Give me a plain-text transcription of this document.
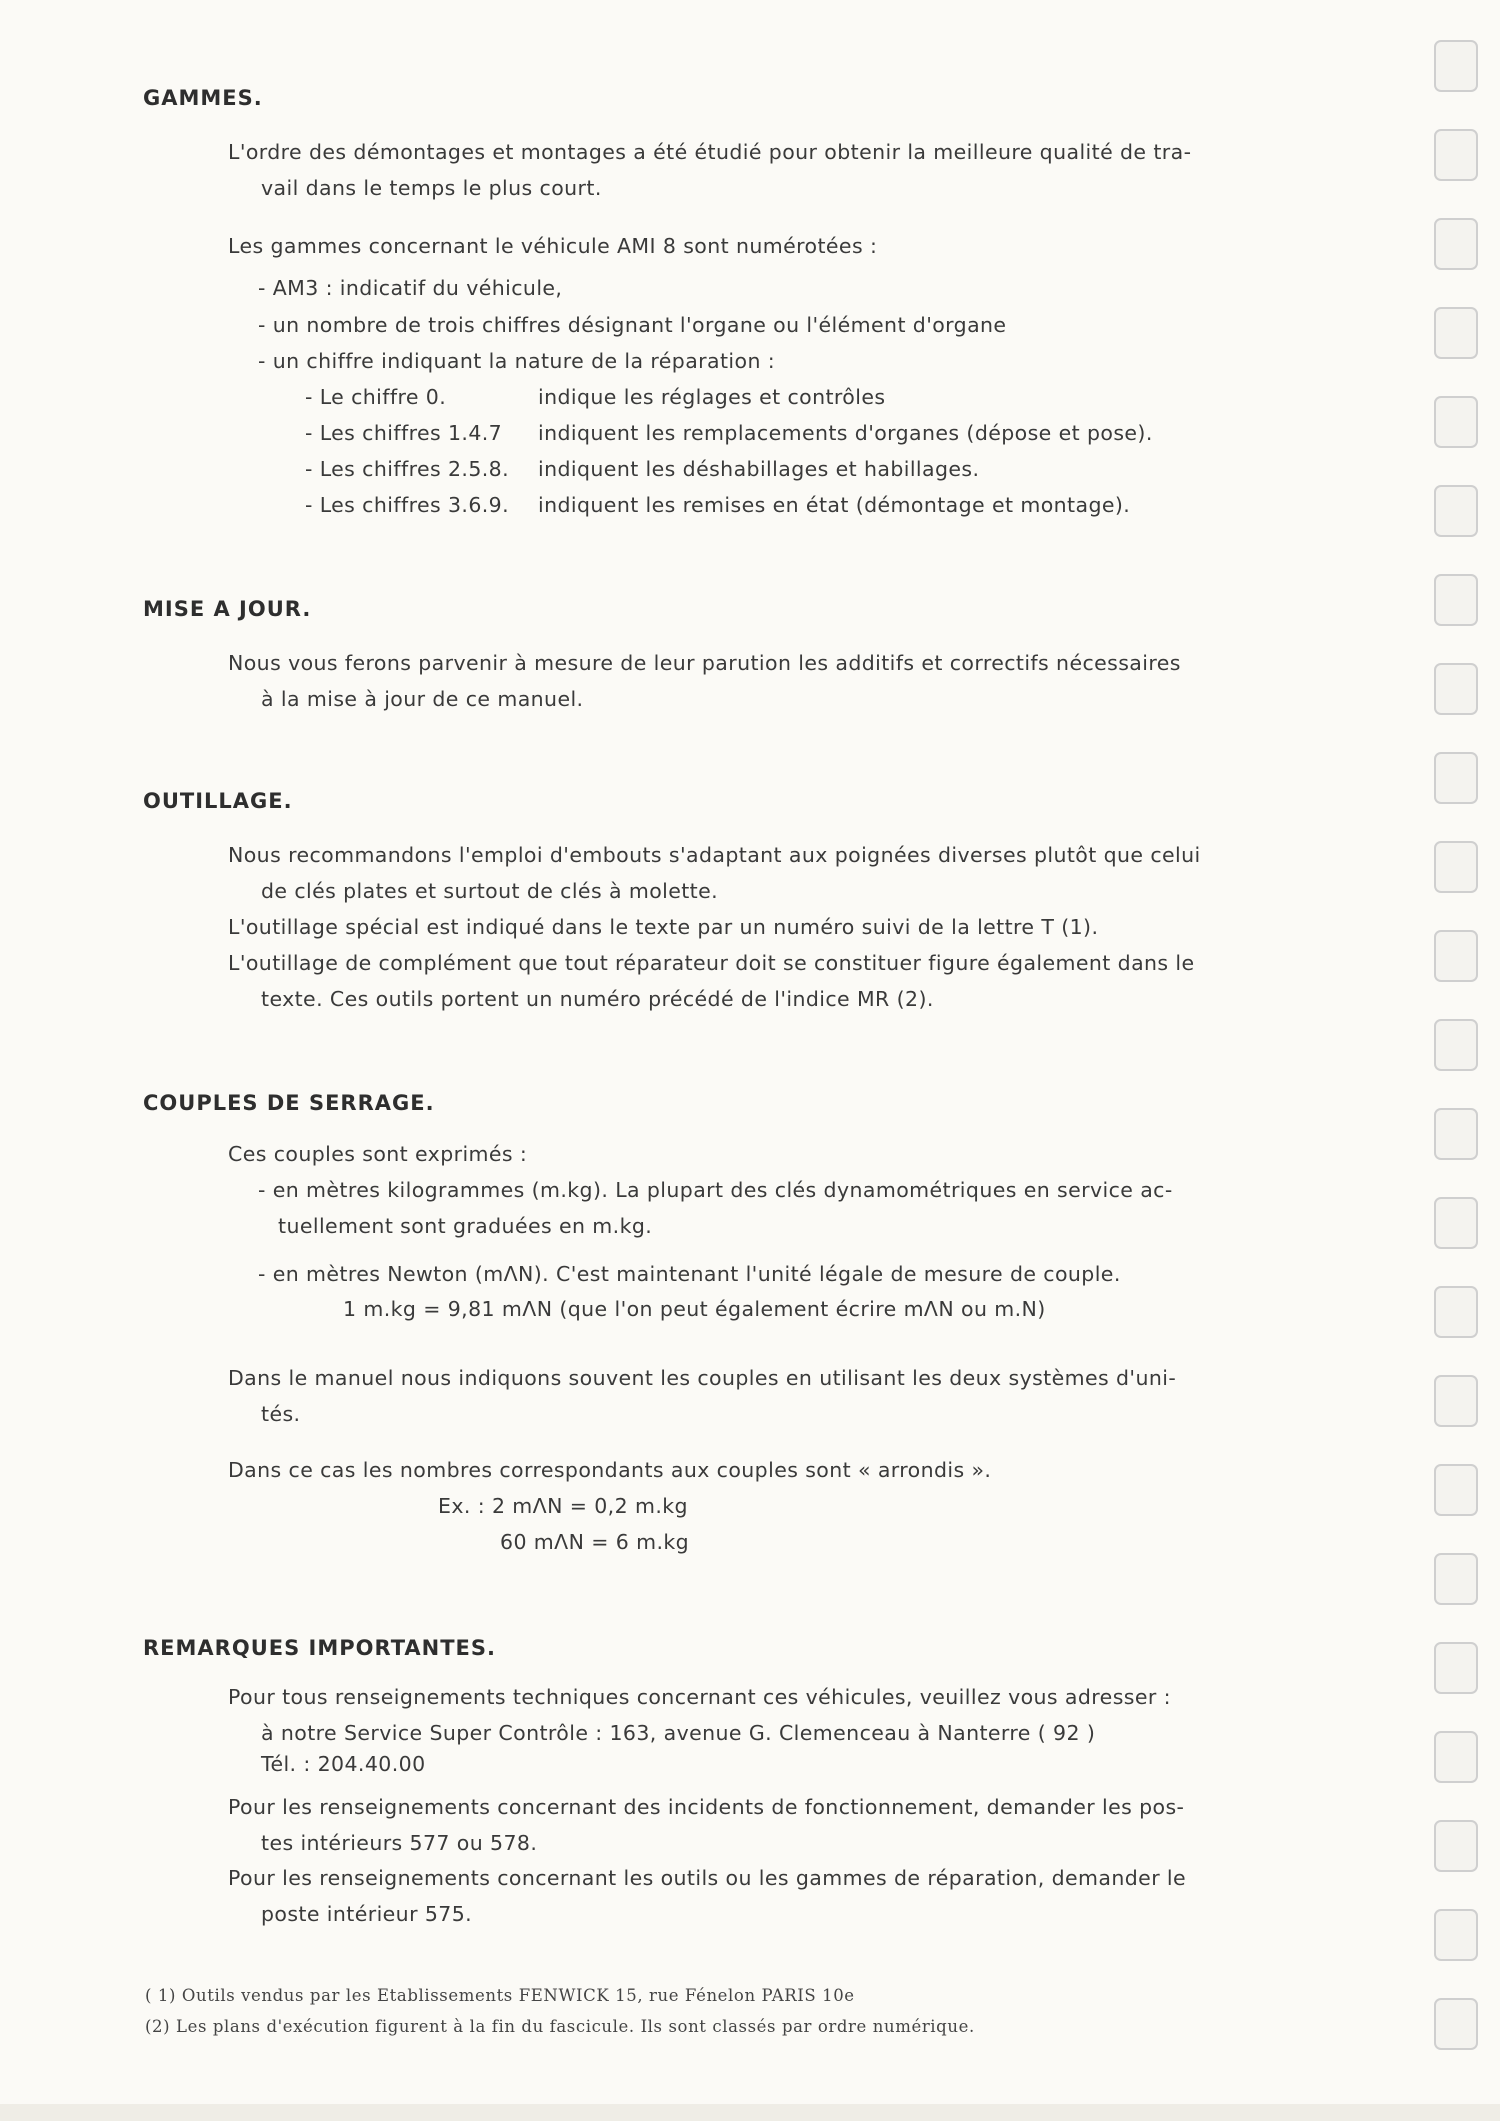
GAMMES.
L'ordre des démontages et montages a été étudié pour obtenir la meilleure qualité de tra-
vail dans le temps le plus court.
Les gammes concernant le véhicule AMI 8 sont numérotées :
- AM3 : indicatif du véhicule,
- un nombre de trois chiffres désignant l'organe ou l'élément d'organe
- un chiffre indiquant la nature de la réparation :
- Le chiffre 0.	indique les réglages et contrôles
- Les chiffres 1.4.7 indiquent les remplacements d'organes (dépose et pose).
- Les chiffres 2.5.8. indiquent les déshabillages et habillages.
- Les chiffres 3.6.9. indiquent les remises en état (démontage et montage).
MISE A JOUR.
Nous vous ferons parvenir à mesure de leur parution les additifs et correctifs nécessaires
à la mise à jour de ce manuel.
OUTILLAGE.
Nous recommandons l'emploi d'embouts s'adaptant aux poignées diverses plutôt que celui
de clés plates et surtout de clés à molette.
L'outillage spécial est indiqué dans le texte par un numéro suivi de la lettre T (1).
L'outillage de complément que tout réparateur doit se constituer figure également dans le
texte. Ces outils portent un numéro précédé de l'indice MR (2).
COUPLES DE SERRAGE.
Ces couples sont exprimés :
- en mètres kilogrammes (m.kg). La plupart des clés dynamométriques en service ac-
tuellement sont graduées en m.kg.
- en mètres Newton (mΛN). C'est maintenant l'unité légale de mesure de couple.
1 m.kg = 9,81 mΛN (que l'on peut également écrire mΛN ou m.N)
Dans le manuel nous indiquons souvent les couples en utilisant les deux systèmes d'uni-
tés.
Dans ce cas les nombres correspondants aux couples sont « arrondis ».
Ex. : 2 mΛN = 0,2 m.kg
60 mΛN = 6 m.kg
REMARQUES IMPORTANTES.
Pour tous renseignements techniques concernant ces véhicules, veuillez vous adresser :
à notre Service Super Contrôle : 163, avenue G. Clemenceau à Nanterre ( 92 )
Tél. : 204.40.00
Pour les renseignements concernant des incidents de fonctionnement, demander les pos-
tes intérieurs 577 ou 578.
Pour les renseignements concernant les outils ou les gammes de réparation, demander le
poste intérieur 575.
( 1) Outils vendus par les Etablissements FENWICK 15, rue Fénelon PARIS 10e
(2) Les plans d'exécution figurent à la fin du fascicule. Ils sont classés par ordre numérique.
